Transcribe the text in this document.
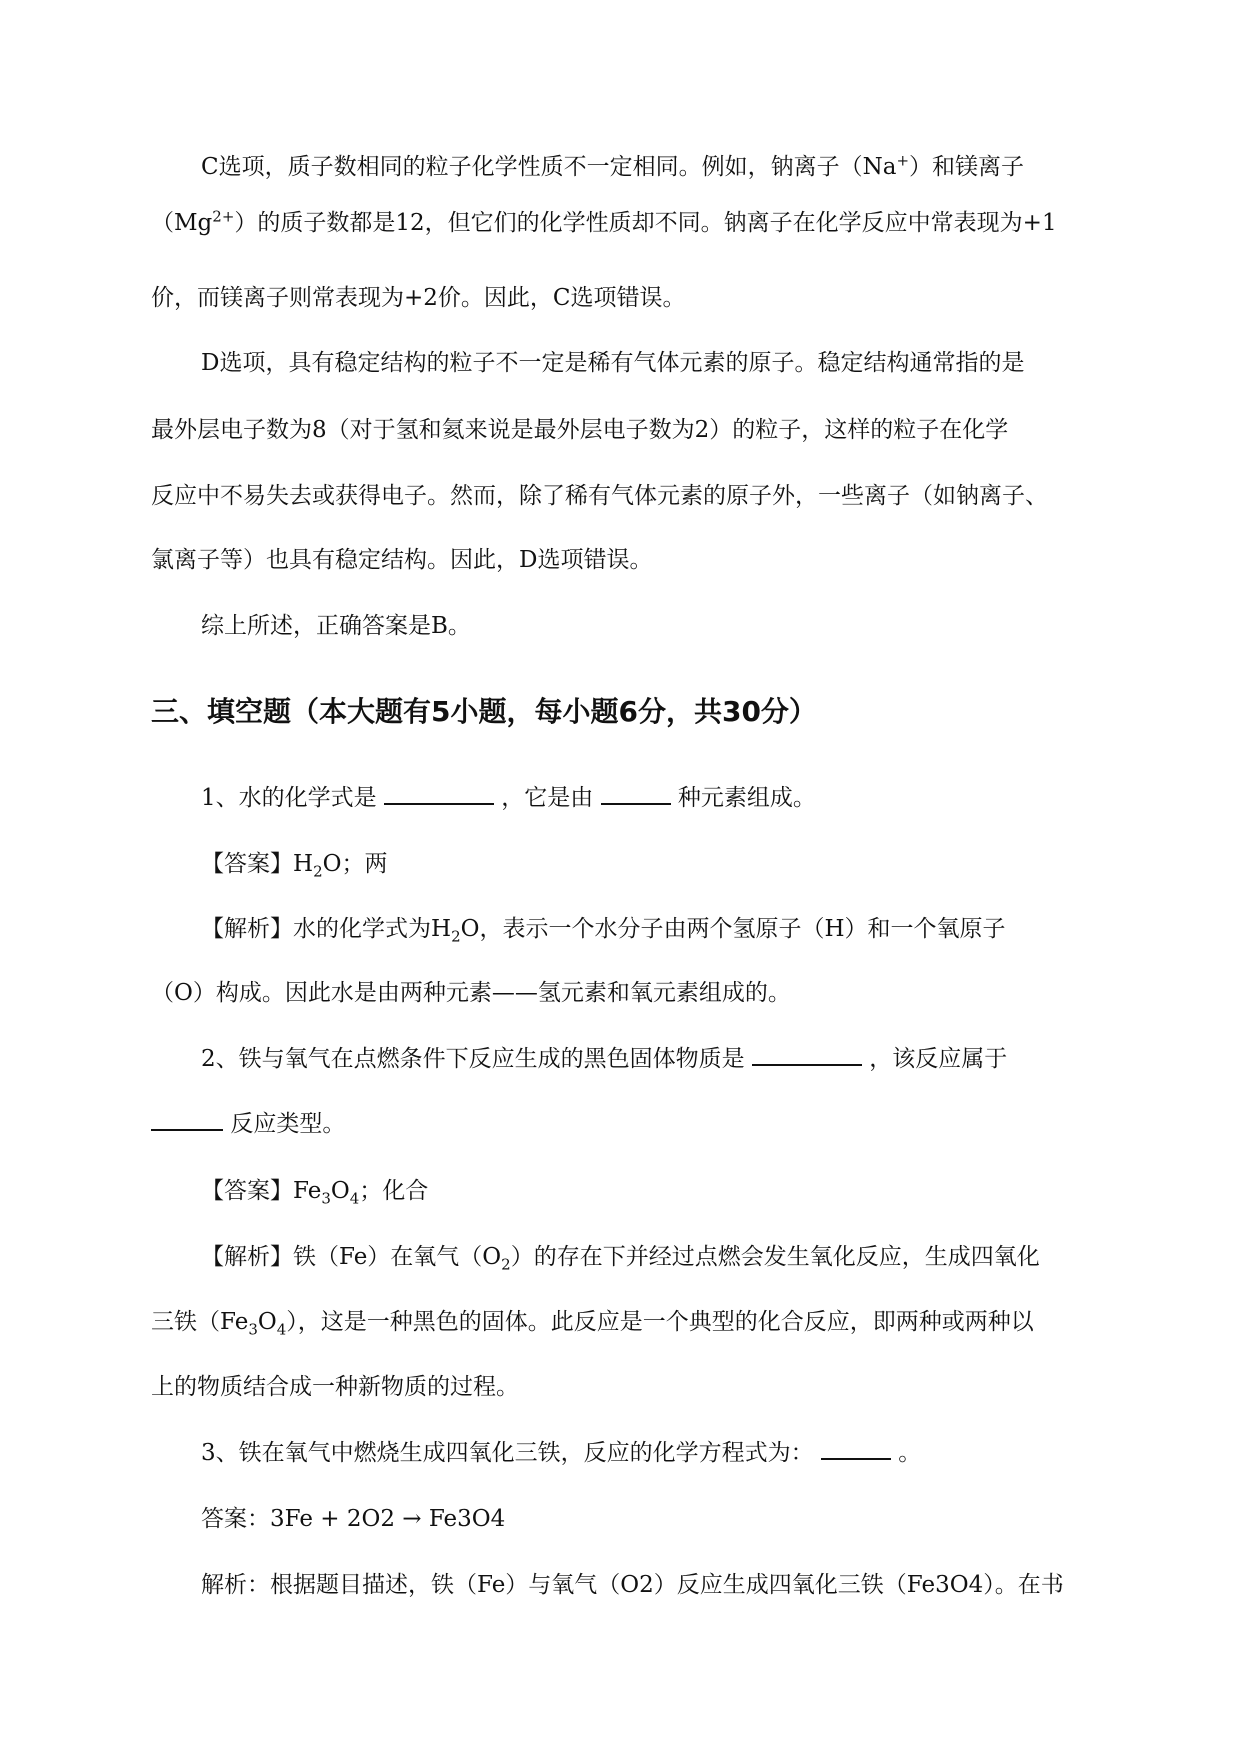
C选项，质子数相同的粒子化学性质不一定相同。例如，钠离子（Na+）和镁离子
$(Mg^{2+})$的质子数都是12，但它们的化学性质却不同。钠离子在化学反应中常表现为+1
价，而镁离子则常表现为+2价。因此，C选项错误。
D选项，具有稳定结构的粒子不一定是稀有气体元素的原子。稳定结构通常指的是
最外层电子数为8（对于氢和氦来说是最外层电子数为2）的粒子，这样的粒子在化学
反应中不易失去或获得电子。然而，除了稀有气体元素的原子外，一些离子（如钠离子、
氯离子等）也具有稳定结构。因此，D选项错误。
综上所述，正确答案是B。
三、填空题（本大题有5小题，每小题6分，共30分）
1、水的化学式是	，它是由	种元素组成。
【答案】$H_2O$；两
【解析】水的化学式为$H_2O$，表示一个水分子由两个氢原子（H）和一个氧原子
（O）构成。因此水是由两种元素——氢元素和氧元素组成的。
2、铁与氧气在点燃条件下反应生成的黑色固体物质是	，该反应属于
反应类型。
【答案】$Fe_3O_4$；化合
【解析】铁（Fe）在氧气$(O_2)$的存在下并经过点燃会发生氧化反应，生成四氧化
三铁$(Fe_3O_4)$，这是一种黑色的固体。此反应是一个典型的化合反应，即两种或两种以
上的物质结合成一种新物质的过程。
3、铁在氧气中燃烧生成四氧化三铁，反应的化学方程式为：	。
答案：3Fe + 2O2 → Fe3O4
解析：根据题目描述，铁（Fe）与氧气（O2）反应生成四氧化三铁（Fe3O4）。在书
